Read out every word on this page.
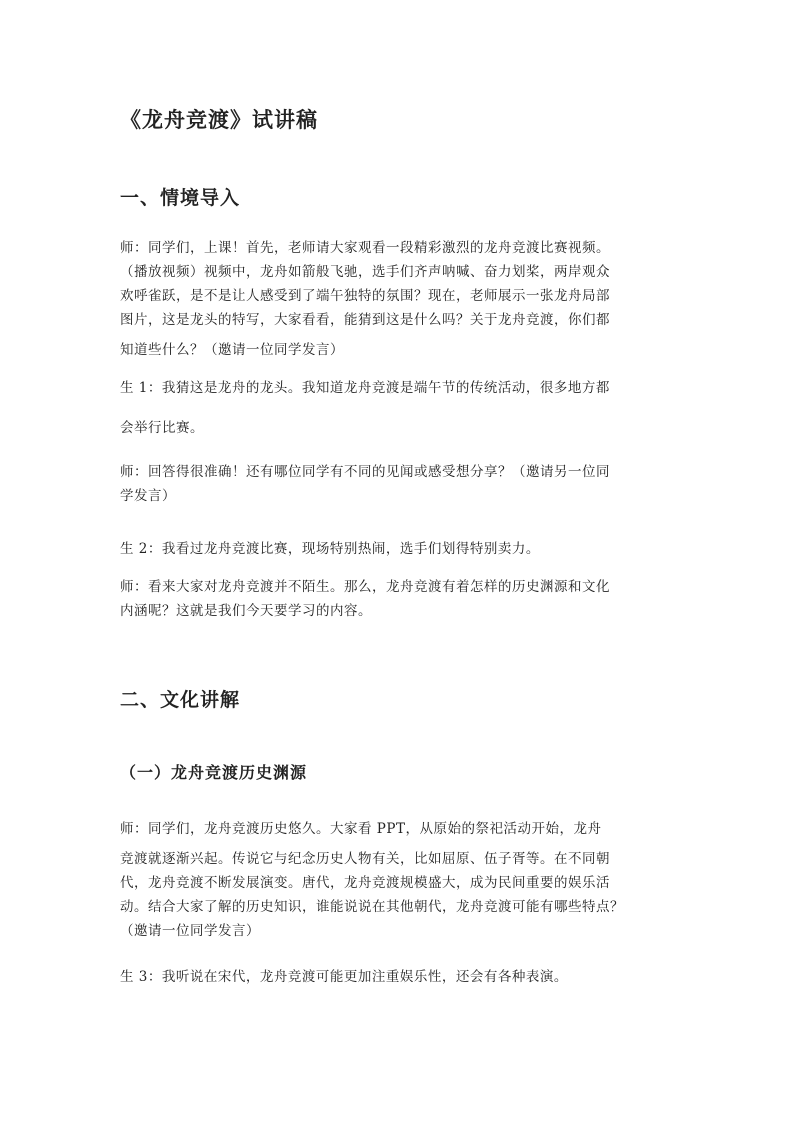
《龙舟竞渡》试讲稿
一、情境导入
师：同学们，上课！首先，老师请大家观看一段精彩激烈的龙舟竞渡比赛视频。
（播放视频）视频中，龙舟如箭般飞驰，选手们齐声呐喊、奋力划桨，两岸观众
欢呼雀跃，是不是让人感受到了端午独特的氛围？现在，老师展示一张龙舟局部
图片，这是龙头的特写，大家看看，能猜到这是什么吗？关于龙舟竞渡，你们都
知道些什么？（邀请一位同学发言）
生 1：我猜这是龙舟的龙头。我知道龙舟竞渡是端午节的传统活动，很多地方都
会举行比赛。
师：回答得很准确！还有哪位同学有不同的见闻或感受想分享？（邀请另一位同
学发言）
生 2：我看过龙舟竞渡比赛，现场特别热闹，选手们划得特别卖力。
师：看来大家对龙舟竞渡并不陌生。那么，龙舟竞渡有着怎样的历史渊源和文化
内涵呢？这就是我们今天要学习的内容。
二、文化讲解
（一）龙舟竞渡历史渊源
师：同学们，龙舟竞渡历史悠久。大家看 PPT，从原始的祭祀活动开始，龙舟
竞渡就逐渐兴起。传说它与纪念历史人物有关，比如屈原、伍子胥等。在不同朝
代，龙舟竞渡不断发展演变。唐代，龙舟竞渡规模盛大，成为民间重要的娱乐活
动。结合大家了解的历史知识，谁能说说在其他朝代，龙舟竞渡可能有哪些特点？
（邀请一位同学发言）
生 3：我听说在宋代，龙舟竞渡可能更加注重娱乐性，还会有各种表演。
